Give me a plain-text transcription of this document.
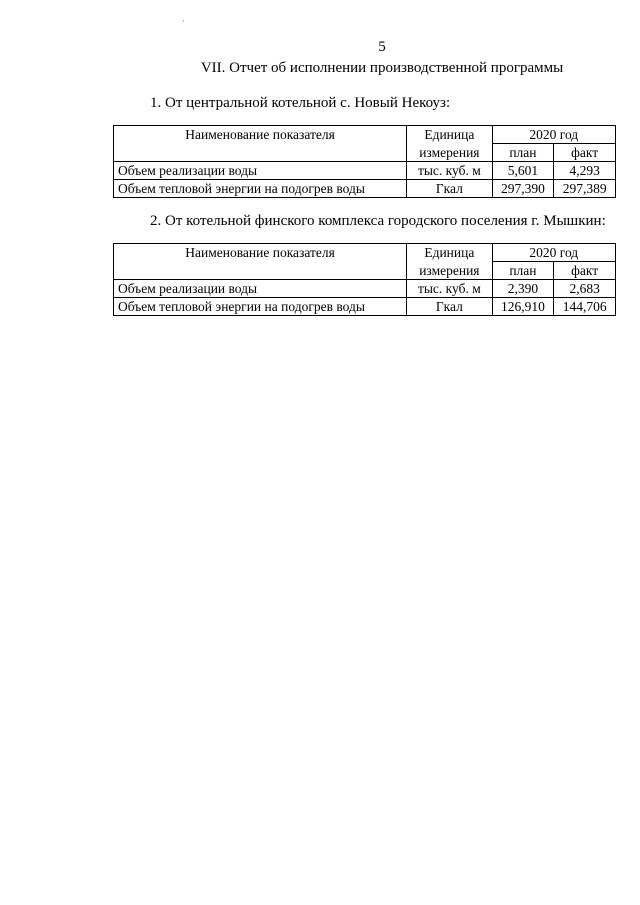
5
VII. Отчет об исполнении производственной программы
1. От центральной котельной с. Новый Некоуз:
Наименование показателя	Единица	2020 год	
	измерения	план	факт
Объем реализации воды	тыс. куб. м	5,601	4,293
Объем тепловой энергии на подогрев воды	Гкал	297,390	297,389
2. От котельной финского комплекса городского поселения г. Мышкин:
Наименование показателя	Единица	2020 год	
	измерения	план	факт
Объем реализации воды	тыс. куб. м	2,390	2,683
Объем тепловой энергии на подогрев воды	Гкал	126,910	144,706
